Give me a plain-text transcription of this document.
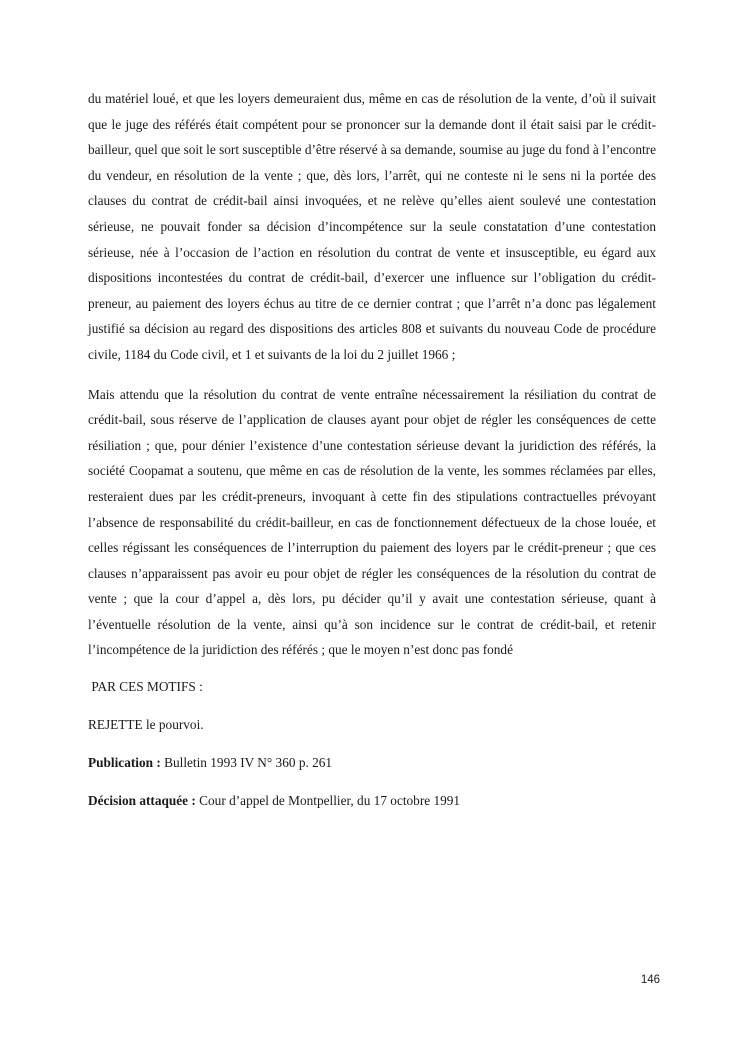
du matériel loué, et que les loyers demeuraient dus, même en cas de résolution de la vente, d’où il suivait que le juge des référés était compétent pour se prononcer sur la demande dont il était saisi par le crédit-bailleur, quel que soit le sort susceptible d’être réservé à sa demande, soumise au juge du fond à l’encontre du vendeur, en résolution de la vente ; que, dès lors, l’arrêt, qui ne conteste ni le sens ni la portée des clauses du contrat de crédit-bail ainsi invoquées, et ne relève qu’elles aient soulevé une contestation sérieuse, ne pouvait fonder sa décision d’incompétence sur la seule constatation d’une contestation sérieuse, née à l’occasion de l’action en résolution du contrat de vente et insusceptible, eu égard aux dispositions incontestées du contrat de crédit-bail, d’exercer une influence sur l’obligation du crédit-preneur, au paiement des loyers échus au titre de ce dernier contrat ; que l’arrêt n’a donc pas légalement justifié sa décision au regard des dispositions des articles 808 et suivants du nouveau Code de procédure civile, 1184 du Code civil, et 1 et suivants de la loi du 2 juillet 1966 ;

Mais attendu que la résolution du contrat de vente entraîne nécessairement la résiliation du contrat de crédit-bail, sous réserve de l’application de clauses ayant pour objet de régler les conséquences de cette résiliation ; que, pour dénier l’existence d’une contestation sérieuse devant la juridiction des référés, la société Coopamat a soutenu, que même en cas de résolution de la vente, les sommes réclamées par elles, resteraient dues par les crédit-preneurs, invoquant à cette fin des stipulations contractuelles prévoyant l’absence de responsabilité du crédit-bailleur, en cas de fonctionnement défectueux de la chose louée, et celles régissant les conséquences de l’interruption du paiement des loyers par le crédit-preneur ; que ces clauses n’apparaissent pas avoir eu pour objet de régler les conséquences de la résolution du contrat de vente ; que la cour d’appel a, dès lors, pu décider qu’il y avait une contestation sérieuse, quant à l’éventuelle résolution de la vente, ainsi qu’à son incidence sur le contrat de crédit-bail, et retenir l’incompétence de la juridiction des référés ; que le moyen n’est donc pas fondé

PAR CES MOTIFS :

REJETTE le pourvoi.

Publication : Bulletin 1993 IV N° 360 p. 261

Décision attaquée : Cour d’appel de Montpellier, du 17 octobre 1991

146
